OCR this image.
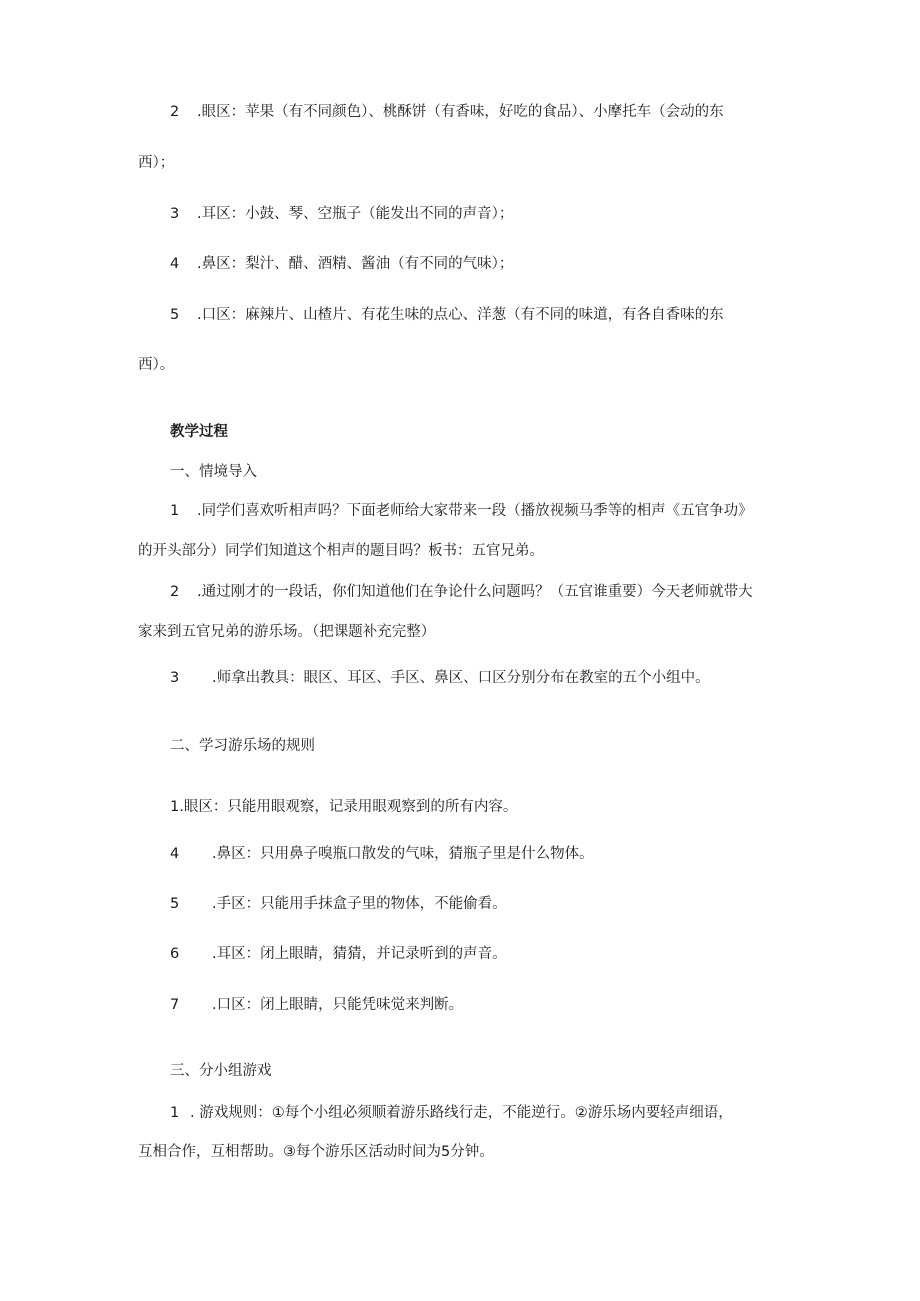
2 .眼区：苹果（有不同颜色）、桃酥饼（有香味，好吃的食品）、小摩托车（会动的东
西）；
3 .耳区：小鼓、琴、空瓶子（能发出不同的声音）；
4 .鼻区：梨汁、醋、酒精、酱油（有不同的气味）；
5 .口区：麻辣片、山楂片、有花生味的点心、洋葱（有不同的味道，有各自香味的东
西）。
教学过程
一、情境导入
1 .同学们喜欢听相声吗？下面老师给大家带来一段（播放视频马季等的相声《五官争功》
的开头部分）同学们知道这个相声的题目吗？板书：五官兄弟。
2 .通过刚才的一段话，你们知道他们在争论什么问题吗？（五官谁重要）今天老师就带大
家来到五官兄弟的游乐场。（把课题补充完整）
3 .师拿出教具：眼区、耳区、手区、鼻区、口区分别分布在教室的五个小组中。
二、学习游乐场的规则
1.眼区：只能用眼观察，记录用眼观察到的所有内容。
4 .鼻区：只用鼻子嗅瓶口散发的气味，猜瓶子里是什么物体。
5 .手区：只能用手抹盒子里的物体，不能偷看。
6 .耳区：闭上眼睛，猜猜，并记录听到的声音。
7 .口区：闭上眼睛，只能凭味觉来判断。
三、分小组游戏
1 . 游戏规则：①每个小组必须顺着游乐路线行走，不能逆行。②游乐场内要轻声细语，
互相合作，互相帮助。③每个游乐区活动时间为5分钟。
